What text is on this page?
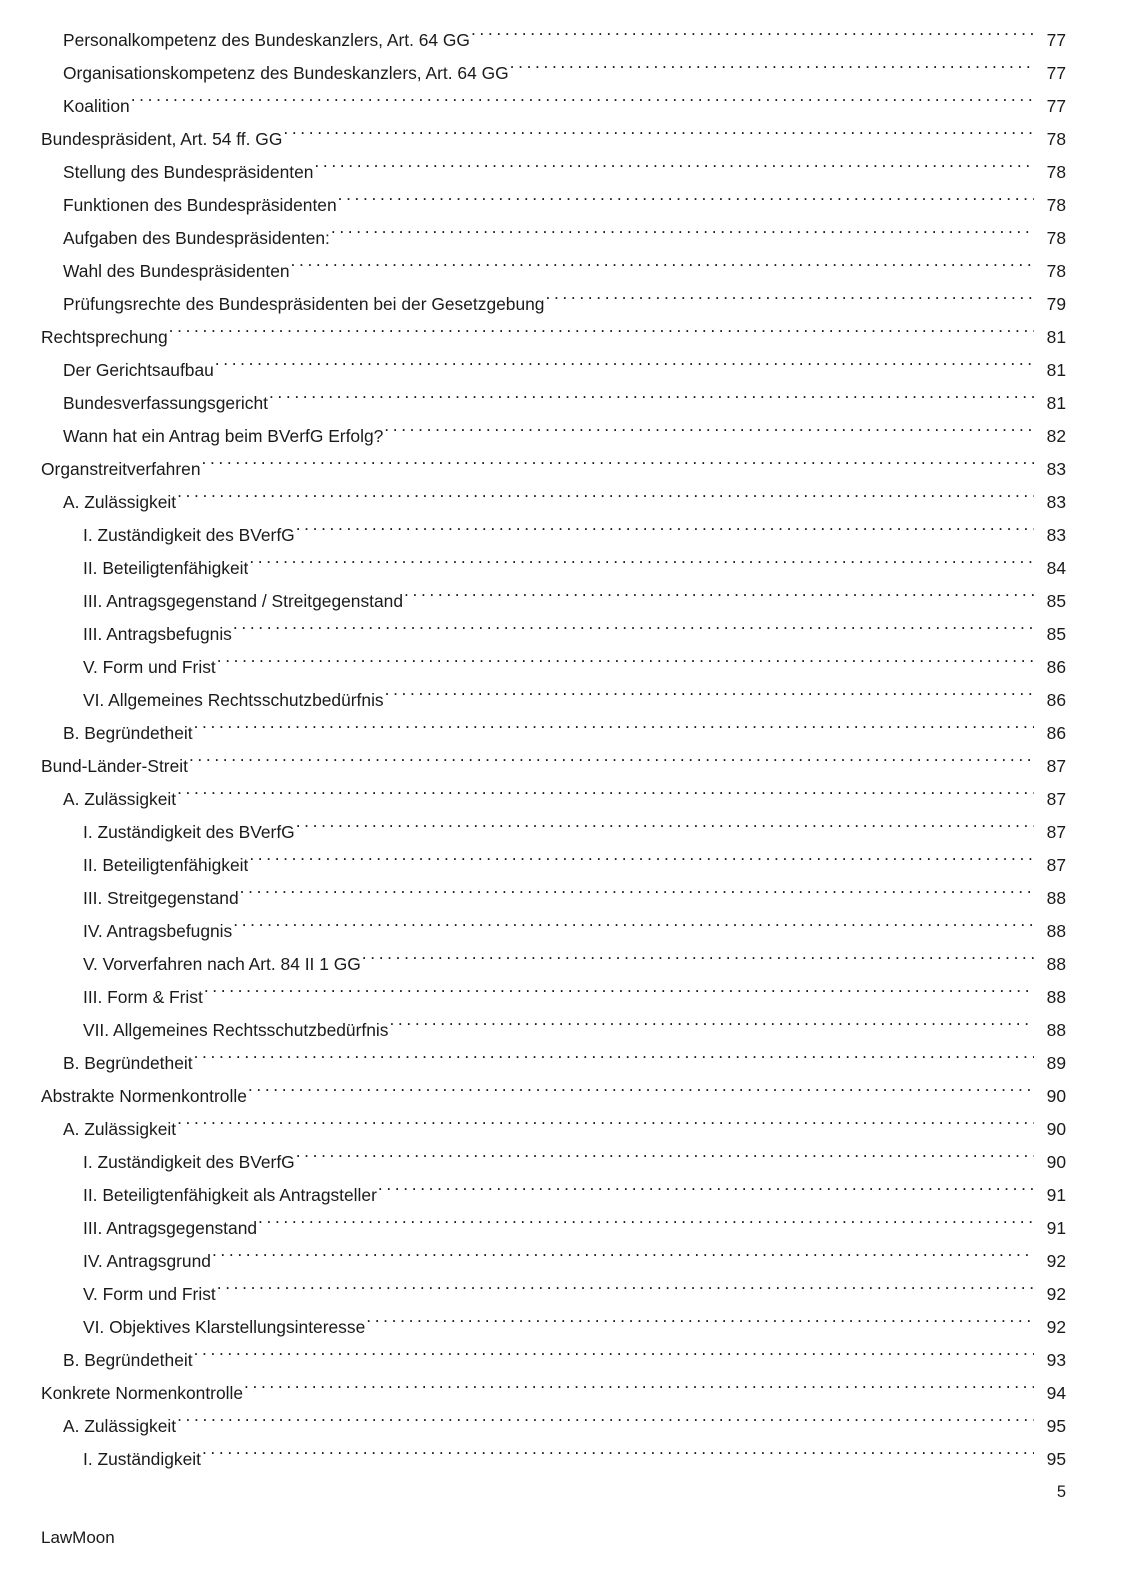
Personalkompetenz des Bundeskanzlers, Art. 64 GG . . .	77
Organisationskompetenz des Bundeskanzlers, Art. 64 GG . . .	77
Koalition . . .	77
Bundespräsident, Art. 54 ff. GG . . .	78
Stellung des Bundespräsidenten . . .	78
Funktionen des Bundespräsidenten . . .	78
Aufgaben des Bundespräsidenten: . . .	78
Wahl des Bundespräsidenten . . .	78
Prüfungsrechte des Bundespräsidenten bei der Gesetzgebung . . .	79
Rechtsprechung . . .	81
Der Gerichtsaufbau . . .	81
Bundesverfassungsgericht . . .	81
Wann hat ein Antrag beim BVerfG Erfolg? . . .	82
Organstreitverfahren . . .	83
A. Zulässigkeit . . .	83
I. Zuständigkeit des BVerfG . . .	83
II. Beteiligtenfähigkeit . . .	84
III. Antragsgegenstand / Streitgegenstand . . .	85
III. Antragsbefugnis . . .	85
V. Form und Frist . . .	86
VI. Allgemeines Rechtsschutzbedürfnis . . .	86
B. Begründetheit . . .	86
Bund-Länder-Streit . . .	87
A. Zulässigkeit . . .	87
I. Zuständigkeit des BVerfG . . .	87
II. Beteiligtenfähigkeit . . .	87
III. Streitgegenstand . . .	88
IV. Antragsbefugnis . . .	88
V. Vorverfahren nach Art. 84 II 1 GG . . .	88
III. Form & Frist . . .	88
VII. Allgemeines Rechtsschutzbedürfnis . . .	88
B. Begründetheit . . .	89
Abstrakte Normenkontrolle . . .	90
A. Zulässigkeit . . .	90
I. Zuständigkeit des BVerfG . . .	90
II. Beteiligtenfähigkeit als Antragsteller . . .	91
III. Antragsgegenstand . . .	91
IV. Antragsgrund . . .	92
V. Form und Frist . . .	92
VI. Objektives Klarstellungsinteresse . . .	92
B. Begründetheit . . .	93
Konkrete Normenkontrolle . . .	94
A. Zulässigkeit . . .	95
I. Zuständigkeit . . .	95
5
LawMoon
